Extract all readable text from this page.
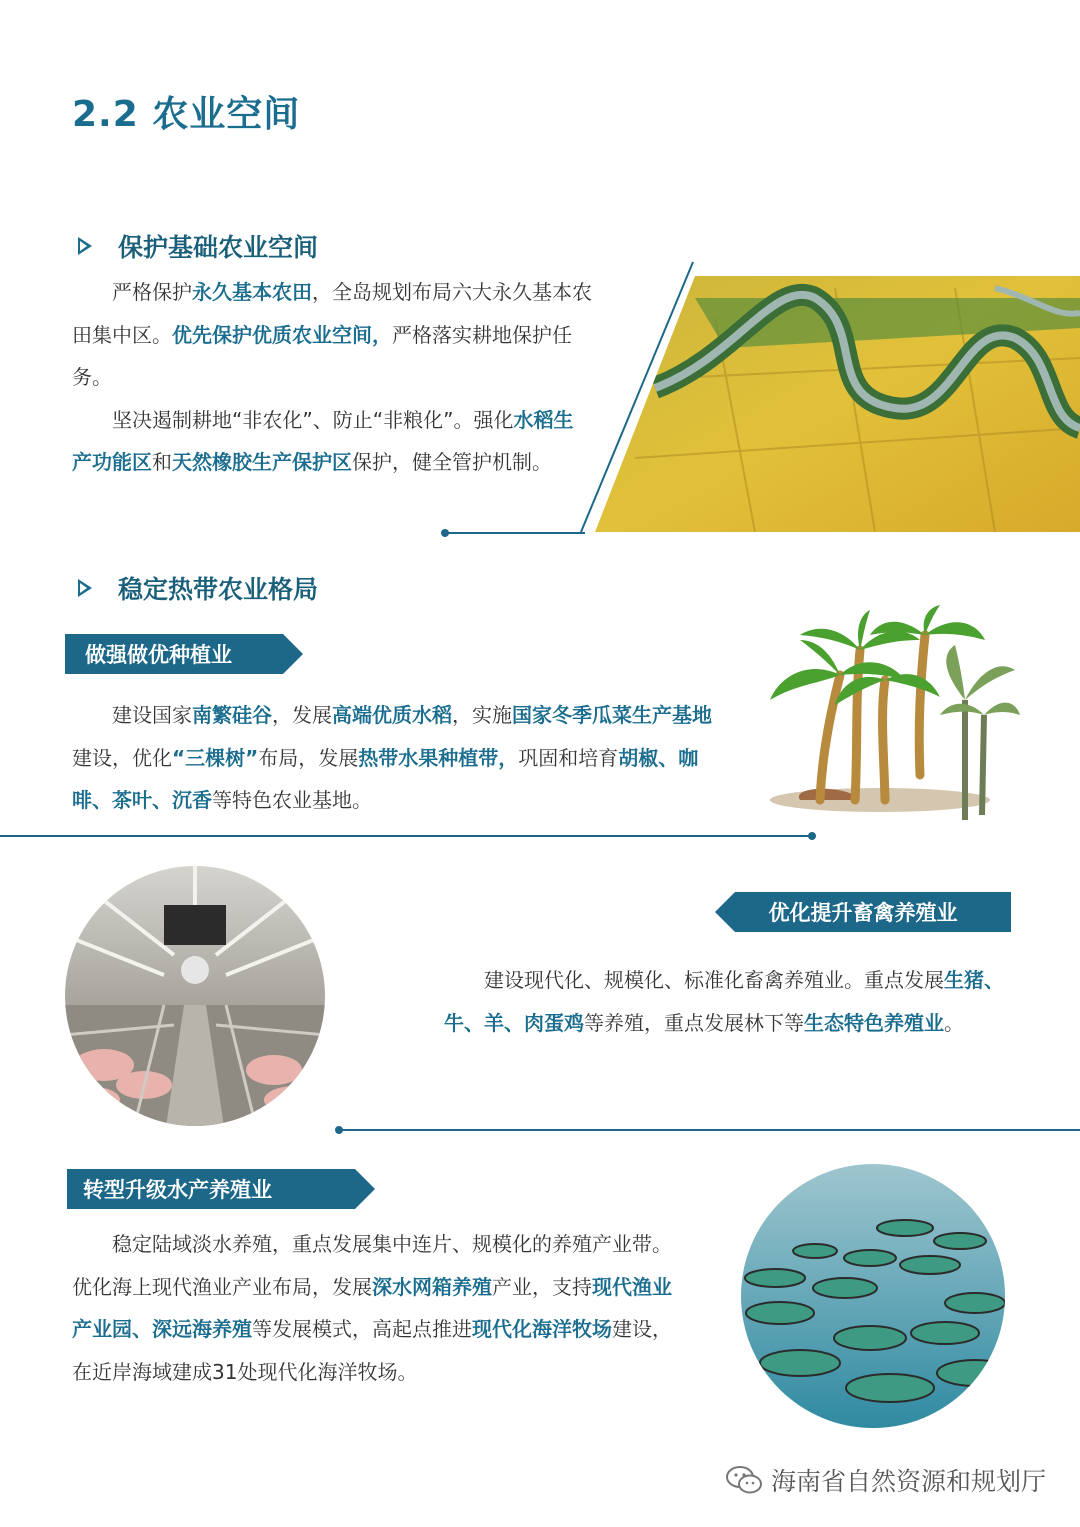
2.2 农业空间
保护基础农业空间

严格保护永久基本农田，全岛规划布局六大永久基本农田集中区。优先保护优质农业空间，严格落实耕地保护任务。

坚决遏制耕地“非农化”、防止“非粮化”。强化水稻生产功能区和天然橡胶生产保护区保护，健全管护机制。

稳定热带农业格局
做强做优种植业

建设国家南繁硅谷，发展高端优质水稻，实施国家冬季瓜菜生产基地建设，优化“三棵树”布局，发展热带水果种植带，巩固和培育胡椒、咖啡、茶叶、沉香等特色农业基地。

优化提升畜禽养殖业

建设现代化、规模化、标准化畜禽养殖业。重点发展生猪、牛、羊、肉蛋鸡等养殖，重点发展林下等生态特色养殖业。

转型升级水产养殖业

稳定陆域淡水养殖，重点发展集中连片、规模化的养殖产业带。优化海上现代渔业产业布局，发展深水网箱养殖产业，支持现代渔业产业园、深远海养殖等发展模式，高起点推进现代化海洋牧场建设，在近岸海域建成31处现代化海洋牧场。

海南省自然资源和规划厅
